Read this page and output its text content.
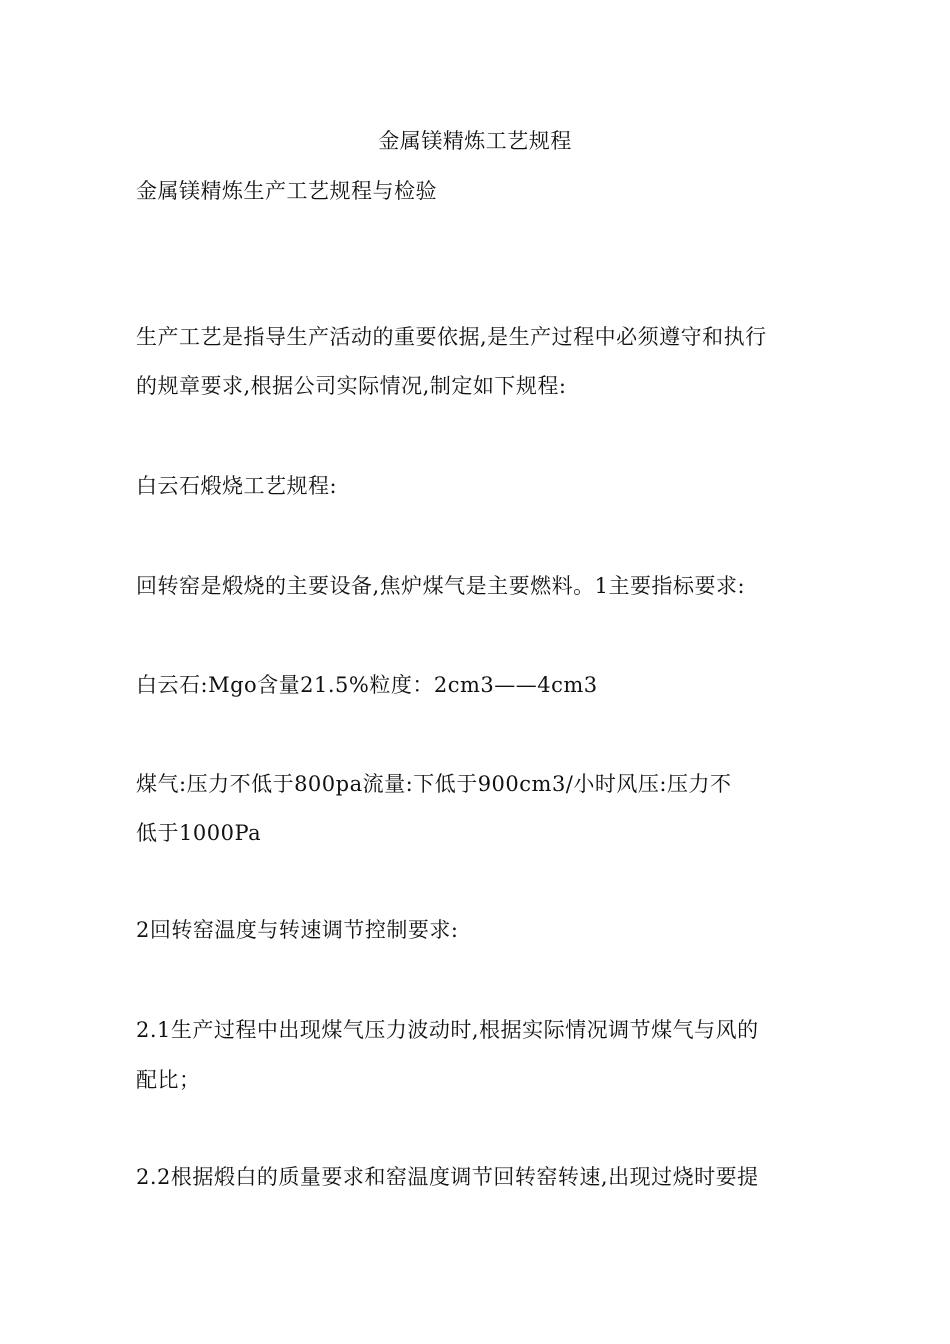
金属镁精炼工艺规程
金属镁精炼生产工艺规程与检验
生产工艺是指导生产活动的重要依据,是生产过程中必须遵守和执行
的规章要求,根据公司实际情况,制定如下规程:
白云石煅烧工艺规程:
回转窑是煅烧的主要设备,焦炉煤气是主要燃料。1主要指标要求:
白云石:Mgo含量21.5%粒度：2cm3——4cm3
煤气:压力不低于800pa流量:下低于900cm3/小时风压:压力不
低于1000Pa
2回转窑温度与转速调节控制要求:
2.1生产过程中出现煤气压力波动时,根据实际情况调节煤气与风的
配比；
2.2根据煅白的质量要求和窑温度调节回转窑转速,出现过烧时要提
